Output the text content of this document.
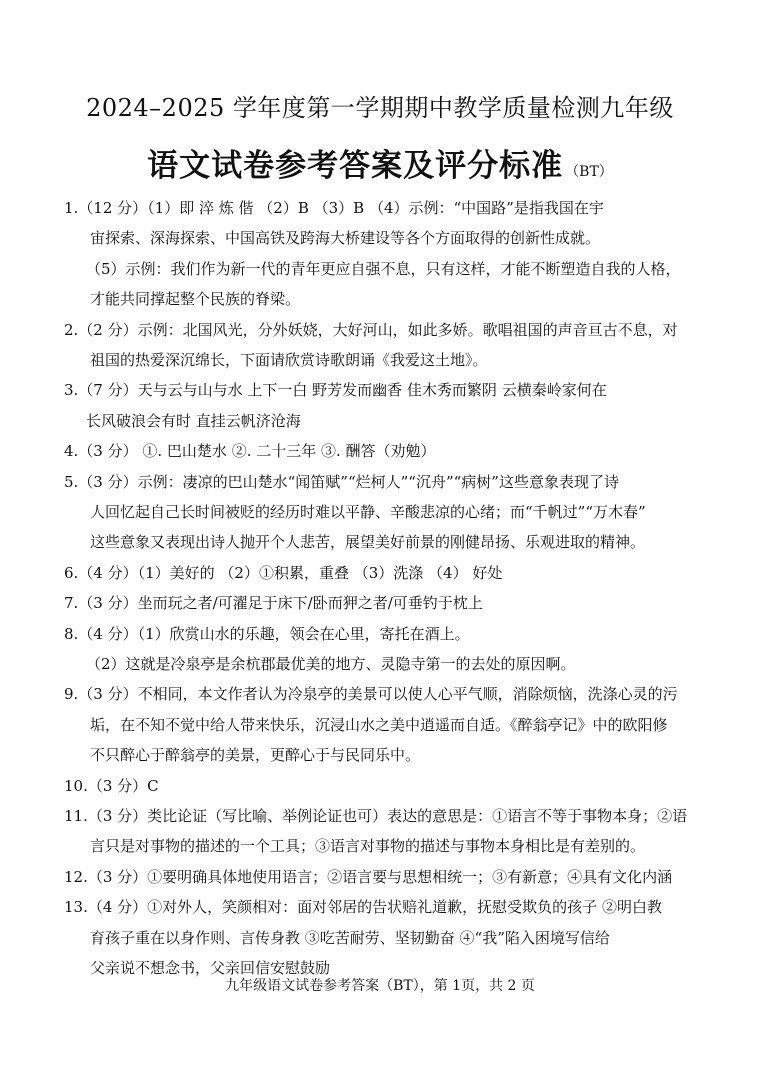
2024–2025 学年度第一学期期中教学质量检测九年级
语文试卷参考答案及评分标准 （BT）
1.（12 分）（1）即 淬 炼 偕 （2）B （3）B （4）示例：“中国路”是指我国在宇
宙探索、深海探索、中国高铁及跨海大桥建设等各个方面取得的创新性成就。
（5）示例：我们作为新一代的青年更应自强不息，只有这样，才能不断塑造自我的人格，
才能共同撑起整个民族的脊梁。
2.（2 分）示例：北国风光，分外妖娆，大好河山，如此多娇。歌唱祖国的声音亘古不息，对
祖国的热爱深沉绵长，下面请欣赏诗歌朗诵《我爱这土地》。
3.（7 分）天与云与山与水 上下一白 野芳发而幽香 佳木秀而繁阴 云横秦岭家何在
长风破浪会有时 直挂云帆济沧海
4.（3 分） ①. 巴山楚水 ②. 二十三年 ③. 酬答（劝勉）
5.（3 分）示例：凄凉的巴山楚水“闻笛赋”“烂柯人”“沉舟”“病树”这些意象表现了诗
人回忆起自己长时间被贬的经历时难以平静、辛酸悲凉的心绪；而“千帆过”“万木春”
这些意象又表现出诗人抛开个人悲苦，展望美好前景的刚健昂扬、乐观进取的精神。
6.（4 分）（1）美好的 （2）①积累，重叠 （3）洗涤 （4） 好处
7.（3 分）坐而玩之者/可濯足于床下/卧而狎之者/可垂钓于枕上
8.（4 分）（1）欣赏山水的乐趣，领会在心里，寄托在酒上。
（2）这就是冷泉亭是余杭郡最优美的地方、灵隐寺第一的去处的原因啊。
9.（3 分）不相同，本文作者认为冷泉亭的美景可以使人心平气顺，消除烦恼，洗涤心灵的污
垢，在不知不觉中给人带来快乐，沉浸山水之美中逍遥而自适。《醉翁亭记》中的欧阳修
不只醉心于醉翁亭的美景，更醉心于与民同乐中。
10.（3 分）C
11.（3 分）类比论证（写比喻、举例论证也可）表达的意思是：①语言不等于事物本身；②语
言只是对事物的描述的一个工具；③语言对事物的描述与事物本身相比是有差别的。
12.（3 分）①要明确具体地使用语言；②语言要与思想相统一；③有新意；④具有文化内涵
13.（4 分）①对外人，笑颜相对：面对邻居的告状赔礼道歉，抚慰受欺负的孩子 ②明白教
育孩子重在以身作则、言传身教 ③吃苦耐劳、坚韧勤奋 ④“我”陷入困境写信给
父亲说不想念书，父亲回信安慰鼓励
九年级语文试卷参考答案（BT），第 1页，共 2 页
